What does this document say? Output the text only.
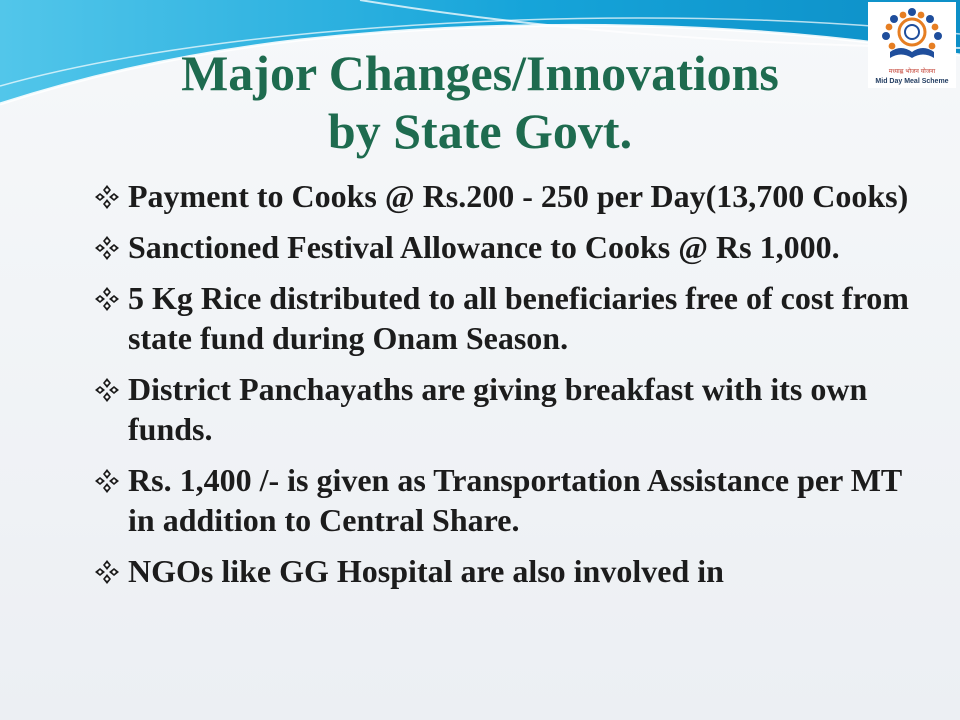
मध्याह्न भोजन योजना
Mid Day Meal Scheme
Major Changes/Innovations
by State Govt.
Payment to Cooks @ Rs.200 - 250 per Day(13,700 Cooks)
Sanctioned Festival Allowance to Cooks @ Rs 1,000.
5 Kg Rice distributed to all beneficiaries free of cost from state fund during Onam Season.
District Panchayaths are giving breakfast with its own funds.
Rs. 1,400 /- is given as Transportation Assistance per MT in addition to Central Share.
NGOs like GG Hospital are also involved in
